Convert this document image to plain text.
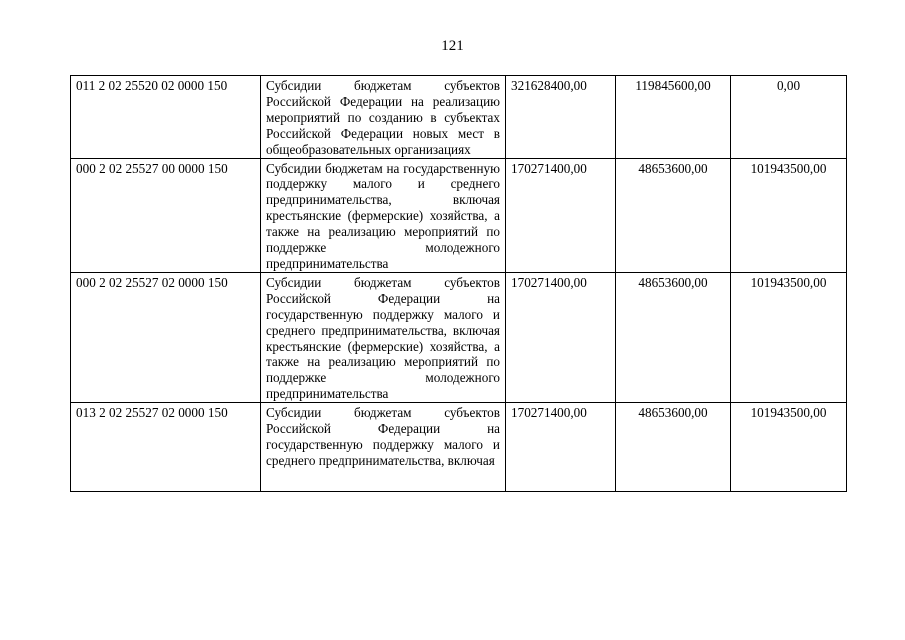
121
011 2 02 25520 02 0000 150	Субсидии бюджетам субъектов Российской Федерации на реализацию мероприятий по созданию в субъектах Российской Федерации новых мест в общеобразовательных организациях	321628400,00	119845600,00	0,00
000 2 02 25527 00 0000 150	Субсидии бюджетам на государственную поддержку малого и среднего предпринимательства, включая крестьянские (фермерские) хозяйства, а также на реализацию мероприятий по поддержке молодежного предпринимательства	170271400,00	48653600,00	101943500,00
000 2 02 25527 02 0000 150	Субсидии бюджетам субъектов Российской Федерации на государственную поддержку малого и среднего предпринимательства, включая крестьянские (фермерские) хозяйства, а также на реализацию мероприятий по поддержке молодежного предпринимательства	170271400,00	48653600,00	101943500,00
013 2 02 25527 02 0000 150	Субсидии бюджетам субъектов Российской Федерации на государственную поддержку малого и среднего предпринимательства, включая	170271400,00	48653600,00	101943500,00
